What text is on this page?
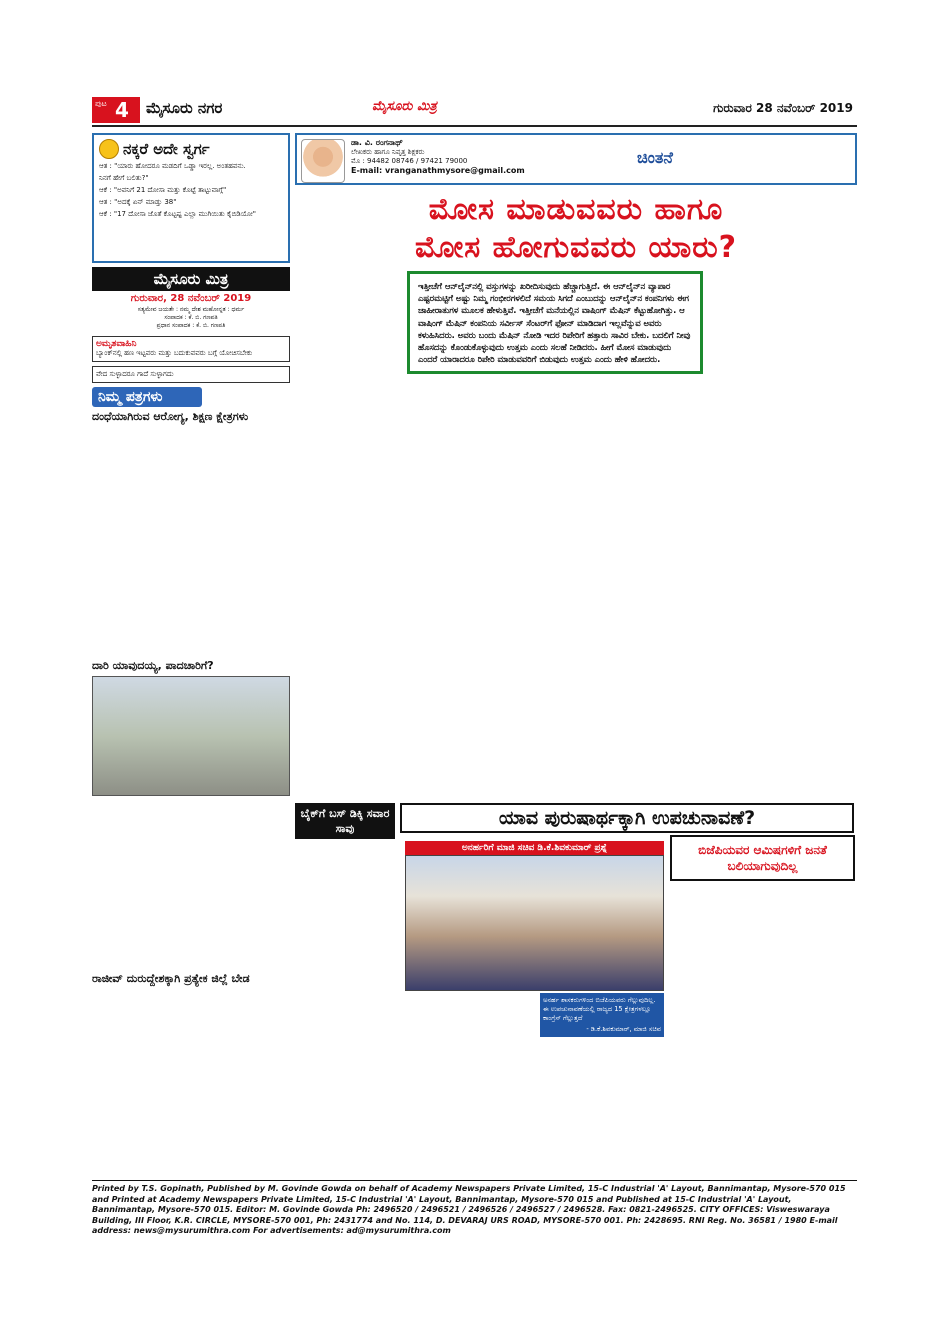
ಪುಟ 4 ಮೈಸೂರು ನಗರ	ಮೈಸೂರು ಮಿತ್ರ	ಗುರುವಾರ 28 ನವೆಂಬರ್ 2019
ನಕ್ಕರೆ ಅದೇ ಸ್ವರ್ಗ
ಆತ : "ಯಾರು ಹೋದರೂ ಮಡದಿಗೆ ಒಡ್ಡಾ ಇರಲ್ಲ. ಅಂತಹವನು.
ನಿನಗೆ ಹೇಗೆ ಬಲಿತು?"
ಆಕೆ : "ಅವನಿಗೆ 21 ದೋಸಾ ಮತ್ತು ಕೊಟ್ಟೆ ತಾಟ್ಟುವಾಗ್ಗೆ"
ಆತ : "ಅದಕ್ಕೆ ಏನ್ ಮಾಡ್ತು 38"
ಆಕೆ : "17 ದೋಸಾ ಜೊತೆ ಕೊಟ್ಟಷ್ಟ ಎಲ್ಲಾ ಮುಗಿಯಿತು ಕೈಬಿಡಿಯೋ"
ಮೈಸೂರು ಮಿತ್ರ
ಗುರುವಾರ, 28 ನವೆಂಬರ್ 2019
ಸತ್ಯಮೇವ ಜಯತೇ : ನಮ್ಮ ದೇಶ ಮಹೋನ್ನತ : ಧರ್ಮ
ಸಂಪಾದಕ : ಕೆ. ಬಿ. ಗಣಪತಿ
ಪ್ರಧಾನ ಸಂಪಾದಕ : ಕೆ. ಬಿ. ಗಣಪತಿ
ಅಮೃತವಾಹಿನಿ
ಬ್ಯಾಂಕ್‌ನಲ್ಲಿ ಹಣ ಇಟ್ಟವರು ಮತ್ತು ಬದುಕುವವರು ಬಗ್ಗೆ ಯೋಚಿಸಬೇಕು
ವೇದ ಸುಳ್ಳಾದರೂ ಗಾದೆ ಸುಳ್ಳಾಗದು
ನಿಮ್ಮ ಪತ್ರಗಳು
ದಂಧೆಯಾಗಿರುವ ಆರೋಗ್ಯ, ಶಿಕ್ಷಣ ಕ್ಷೇತ್ರಗಳು
ದಾರಿ ಯಾವುದಯ್ಯ, ಪಾದಚಾರಿಗೆ?
ರಾಜೀವ್ ದುರುದ್ದೇಶಕ್ಕಾಗಿ ಪ್ರತ್ಯೇಕ ಜಿಲ್ಲೆ ಬೇಡ
ಡಾ. ವಿ. ರಂಗನಾಥ್
ಲೇಖಕರು ಹಾಗೂ ನಿವೃತ್ತ ಶಿಕ್ಷಕರು
ಮೊ : 94482 08746 / 97421 79000
E-mail: vranganathmysore@gmail.com
ಚಿಂತನೆ
ಮೋಸ ಮಾಡುವವರು ಹಾಗೂ
ಮೋಸ ಹೋಗುವವರು ಯಾರು?
ಇತ್ತೀಚೆಗೆ ಆನ್‌ಲೈನ್‌ನಲ್ಲಿ ವಸ್ತುಗಳನ್ನು ಖರೀದಿಸುವುದು ಹೆಚ್ಚಾಗುತ್ತಿದೆ. ಈ ಆನ್‌ಲೈನ್‌ನ ವ್ಯಾಪಾರ ಎಷ್ಟರಮಟ್ಟಿಗೆ ಅಷ್ಟು ನಿಮ್ಮ ಗಂಭೀರಗಳಲಿದೆ ಸಮಯ ಸಿಗದೆ ಎಂಬುದನ್ನು ಆನ್‌ಲೈನ್‌ನ ಕಂಪನಿಗಳು ಈಗ ಜಾಹೀರಾತುಗಳ ಮೂಲಕ ಹೇಳುತ್ತಿವೆ. ಇತ್ತೀಚೆಗೆ ಮನೆಯಲ್ಲಿನ ವಾಷಿಂಗ್ ಮೆಷಿನ್ ಕೆಟ್ಟುಹೋಗಿತ್ತು. ಆ ವಾಷಿಂಗ್ ಮೆಷಿನ್ ಕಂಪನಿಯ ಸರ್ವೀಸ್ ಸೆಂಟರ್‌ಗೆ ಫೋನ್ ಮಾಡಿದಾಗ ಇಲ್ಲವೆನ್ನುವ ಅವರು ಕಳುಹಿಸಿದರು. ಅವರು ಬಂದು ಮೆಷಿನ್ ನೋಡಿ ಇದರ ರಿಪೇರಿಗೆ ಹತ್ತಾರು ಸಾವಿರ ಬೇಕು. ಬದಲಿಗೆ ನೀವು ಹೊಸದನ್ನು ಕೊಂಡುಕೊಳ್ಳುವುದು ಉತ್ತಮ ಎಂದು ಸಲಹೆ ನೀಡಿದರು. ಹೀಗೆ ಮೋಸ ಮಾಡುವುದು ಎಂದರೆ ಯಾರಾದರೂ ರಿಪೇರಿ ಮಾಡುವವರಿಗೆ ಬಿಡುವುದು ಉತ್ತಮ ಎಂದು ಹೇಳಿ ಹೋದರು.
ಬೈಕ್‌ಗೆ ಬಸ್ ಡಿಕ್ಕಿ ಸವಾರ ಸಾವು	ಯಾವ ಪುರುಷಾರ್ಥಕ್ಕಾಗಿ ಉಪಚುನಾವಣೆ?
ಬಿಜೆಪಿಯವರ ಆಮಿಷಗಳಿಗೆ ಜನತೆ ಬಲಿಯಾಗುವುದಿಲ್ಲ
ಅನರ್ಹರಿಗೆ ಮಾಜಿ ಸಚಿವ ಡಿ.ಕೆ.ಶಿವಕುಮಾರ್ ಪ್ರಶ್ನೆ
ಅನರ್ಹ ಶಾಸಕರುಗಳಿಂದ ಬಿಜೆಪಿಯವರು ಗೆಲ್ಲುವುದಿಲ್ಲ. ಈ ಉಪಚುನಾವಣೆಯಲ್ಲಿ ರಾಜ್ಯದ 15 ಕ್ಷೇತ್ರಗಳಲ್ಲೂ ಕಾಂಗ್ರೆಸ್ ಗೆಲ್ಲುತ್ತದೆ
- ಡಿ.ಕೆ.ಶಿವಕುಮಾರ್, ಮಾಜಿ ಸಚಿವ
Printed by T.S. Gopinath, Published by M. Govinde Gowda on behalf of Academy Newspapers Private Limited, 15-C Industrial 'A' Layout, Bannimantap, Mysore-570 015 and Printed at Academy Newspapers Private Limited, 15-C Industrial 'A' Layout, Bannimantap, Mysore-570 015 and Published at 15-C Industrial 'A' Layout, Bannimantap, Mysore-570 015. Editor: M. Govinde Gowda Ph: 2496520 / 2496521 / 2496526 / 2496527 / 2496528. Fax: 0821-2496525. CITY OFFICES: Visweswaraya Building, III Floor, K.R. CIRCLE, MYSORE-570 001, Ph: 2431774 and No. 114, D. DEVARAJ URS ROAD, MYSORE-570 001. Ph: 2428695. RNI Reg. No. 36581 / 1980 E-mail address: news@mysurumithra.com For advertisements: ad@mysurumithra.com
